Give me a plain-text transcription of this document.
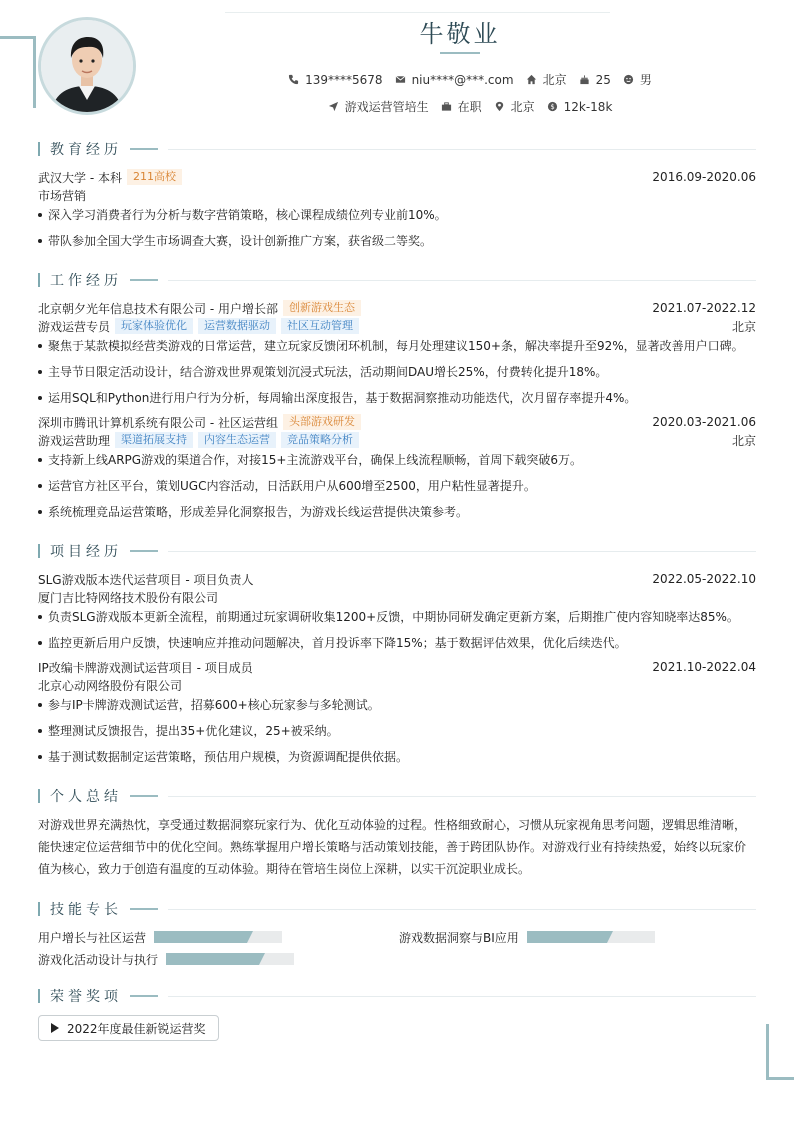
牛敬业
139****5678 niu****@***.com 北京 25 男
游戏运营管培生 在职 北京 $ 12k-18k
教育经历
武汉大学 - 本科	211高校	2016.09-2020.06
市场营销
深入学习消费者行为分析与数字营销策略，核心课程成绩位列专业前10%。
带队参加全国大学生市场调查大赛，设计创新推广方案，获省级二等奖。
工作经历
北京朝夕光年信息技术有限公司 - 用户增长部	创新游戏生态	2021.07-2022.12
游戏运营专员	玩家体验优化	运营数据驱动	社区互动管理	北京
聚焦于某款模拟经营类游戏的日常运营，建立玩家反馈闭环机制，每月处理建议150+条，解决率提升至92%，显著改善用户口碑。
主导节日限定活动设计，结合游戏世界观策划沉浸式玩法，活动期间DAU增长25%，付费转化提升18%。
运用SQL和Python进行用户行为分析，每周输出深度报告，基于数据洞察推动功能迭代，次月留存率提升4%。
深圳市腾讯计算机系统有限公司 - 社区运营组	头部游戏研发	2020.03-2021.06
游戏运营助理	渠道拓展支持	内容生态运营	竞品策略分析	北京
支持新上线ARPG游戏的渠道合作，对接15+主流游戏平台，确保上线流程顺畅，首周下载突破6万。
运营官方社区平台，策划UGC内容活动，日活跃用户从600增至2500，用户粘性显著提升。
系统梳理竞品运营策略，形成差异化洞察报告，为游戏长线运营提供决策参考。
项目经历
SLG游戏版本迭代运营项目 - 项目负责人	2022.05-2022.10
厦门吉比特网络技术股份有限公司
负责SLG游戏版本更新全流程，前期通过玩家调研收集1200+反馈，中期协同研发确定更新方案，后期推广使内容知晓率达85%。
监控更新后用户反馈，快速响应并推动问题解决，首月投诉率下降15%；基于数据评估效果，优化后续迭代。
IP改编卡牌游戏测试运营项目 - 项目成员	2021.10-2022.04
北京心动网络股份有限公司
参与IP卡牌游戏测试运营，招募600+核心玩家参与多轮测试。
整理测试反馈报告，提出35+优化建议，25+被采纳。
基于测试数据制定运营策略，预估用户规模，为资源调配提供依据。
个人总结
对游戏世界充满热忱，享受通过数据洞察玩家行为、优化互动体验的过程。性格细致耐心，习惯从玩家视角思考问题，逻辑思维清晰，能快速定位运营细节中的优化空间。熟练掌握用户增长策略与活动策划技能，善于跨团队协作。对游戏行业有持续热爱，始终以玩家价值为核心，致力于创造有温度的互动体验。期待在管培生岗位上深耕，以实干沉淀职业成长。
技能专长
用户增长与社区运营	游戏数据洞察与BI应用
游戏化活动设计与执行
荣誉奖项
2022年度最佳新锐运营奖
